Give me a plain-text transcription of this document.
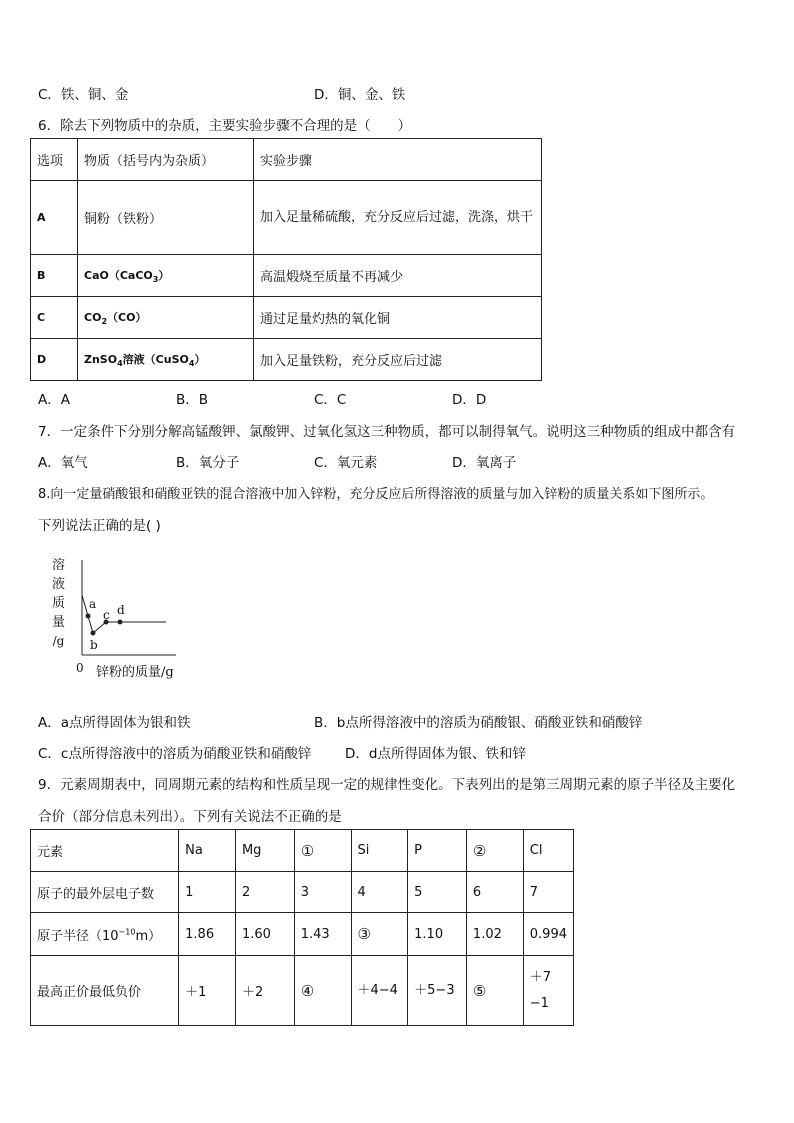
C．铁、铜、金	D．铜、金、铁
6．除去下列物质中的杂质，主要实验步骤不合理的是（　　）
选项	物质（括号内为杂质）	实验步骤
A	铜粉（铁粉）	加入足量稀硫酸，充分反应后过滤，洗涤，烘干
B	CaO（CaCO$_3$）	高温煅烧至质量不再减少
C	$CO_2(CO)$	通过足量灼热的氧化铜
D	ZnSO$_4$溶液（CuSO$_4$）	加入足量铁粉，充分反应后过滤
A．A	B．B	C．C	D．D
7．一定条件下分别分解高锰酸钾、氯酸钾、过氧化氢这三种物质，都可以制得氧气。说明这三种物质的组成中都含有
A．氧气	B．氧分子	C．氧元素	D．氧离子
8.向一定量硝酸银和硝酸亚铁的混合溶液中加入锌粉，充分反应后所得溶液的质量与加入锌粉的质量关系如下图所示。
下列说法正确的是( )
溶
液
质
量
/g
a
b
c d
0 锌粉的质量/g
A．a点所得固体为银和铁	B．b点所得溶液中的溶质为硝酸银、硝酸亚铁和硝酸锌
C．c点所得溶液中的溶质为硝酸亚铁和硝酸锌 D．d点所得固体为银、铁和锌
9．元素周期表中，同周期元素的结构和性质呈现一定的规律性变化。下表列出的是第三周期元素的原子半径及主要化
合价（部分信息未列出）。下列有关说法不正确的是
元素	Na	Mg	①	Si	P	②	Cl
原子的最外层电子数	1	2	3	4	5	6	7
原子半径$(10^{-10}m)$	1.86	1.60	1.43	③	1.10	1.02	0.994
最高正价最低负价	＋1	＋2	④	＋4−4	＋5−3	⑤	＋7−1
